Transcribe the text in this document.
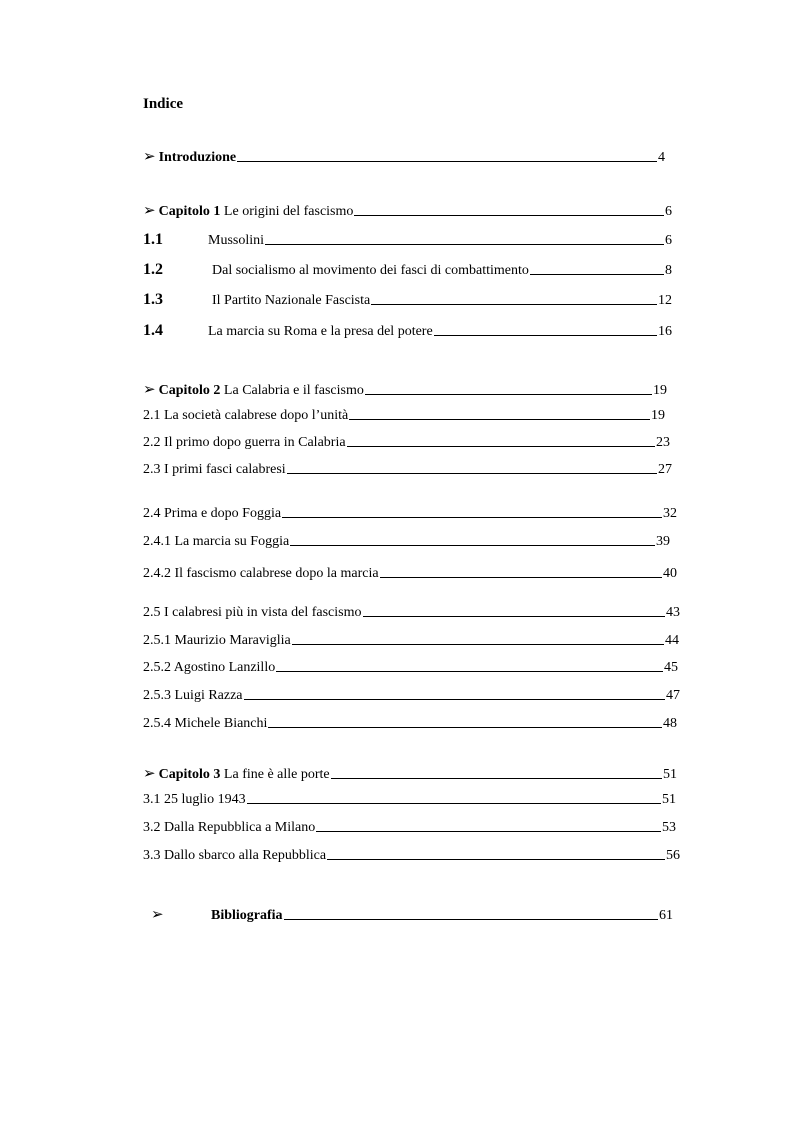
Indice
➢ Introduzione	4
➢ Capitolo 1 Le origini del fascismo	6
1.1	Mussolini	6
1.2	Dal socialismo al movimento dei fasci di combattimento	8
1.3	Il Partito Nazionale Fascista	12
1.4	La marcia su Roma e la presa del potere	16
➢ Capitolo 2 La Calabria e il fascismo	19
2.1 La società calabrese dopo l’unità	19
2.2 Il primo dopo guerra in Calabria	23
2.3 I primi fasci calabresi	27
2.4 Prima e dopo Foggia	32
2.4.1 La marcia su Foggia	39
2.4.2 Il fascismo calabrese dopo la marcia	40
2.5 I calabresi più in vista del fascismo	43
2.5.1 Maurizio Maraviglia	44
2.5.2 Agostino Lanzillo	45
2.5.3 Luigi Razza	47
2.5.4 Michele Bianchi	48
➢ Capitolo 3 La fine è alle porte	51
3.1 25 luglio 1943	51
3.2 Dalla Repubblica a Milano	53
3.3 Dallo sbarco alla Repubblica	56
➢	Bibliografia	61
